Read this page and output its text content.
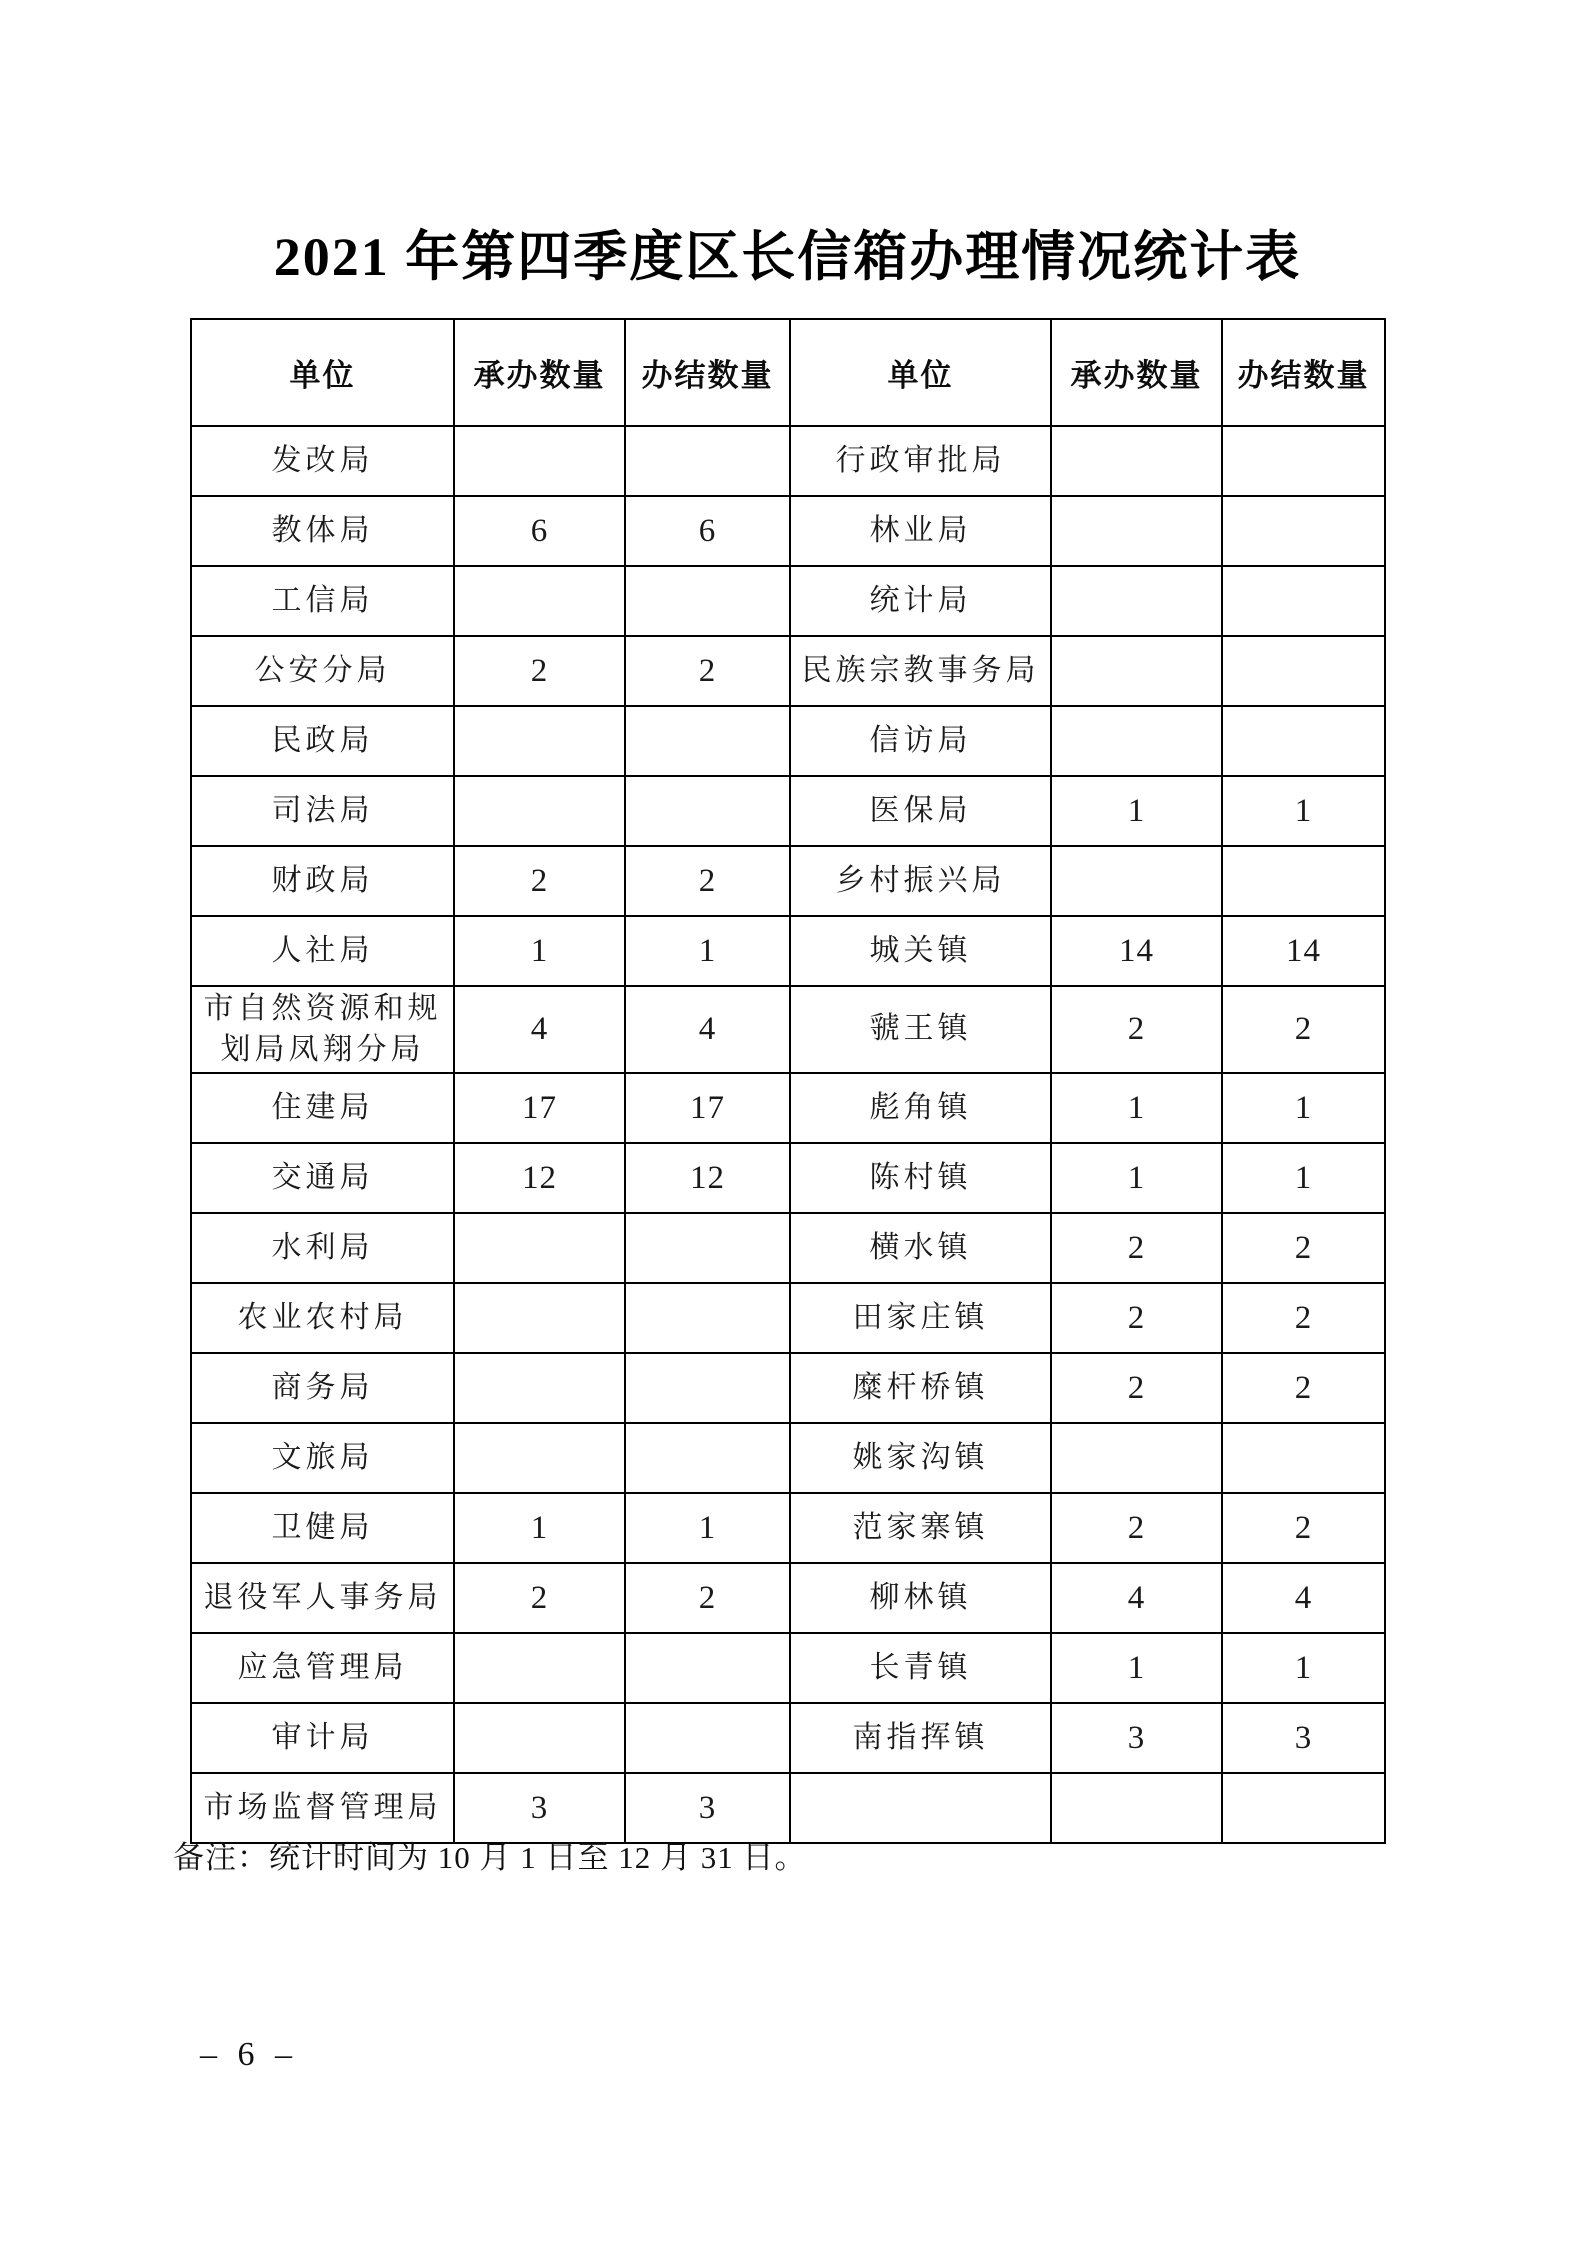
2021 年第四季度区长信箱办理情况统计表
单位	承办数量	办结数量	单位	承办数量	办结数量
发改局			行政审批局		
教体局	6	6	林业局		
工信局			统计局		
公安分局	2	2	民族宗教事务局		
民政局			信访局		
司法局			医保局	1	1
财政局	2	2	乡村振兴局		
人社局	1	1	城关镇	14	14
市自然资源和规划局凤翔分局	4	4	虢王镇	2	2
住建局	17	17	彪角镇	1	1
交通局	12	12	陈村镇	1	1
水利局			横水镇	2	2
农业农村局			田家庄镇	2	2
商务局			糜杆桥镇	2	2
文旅局			姚家沟镇		
卫健局	1	1	范家寨镇	2	2
退役军人事务局	2	2	柳林镇	4	4
应急管理局			长青镇	1	1
审计局			南指挥镇	3	3
市场监督管理局	3	3			
备注：统计时间为 10 月 1 日至 12 月 31 日。
– 6 –
